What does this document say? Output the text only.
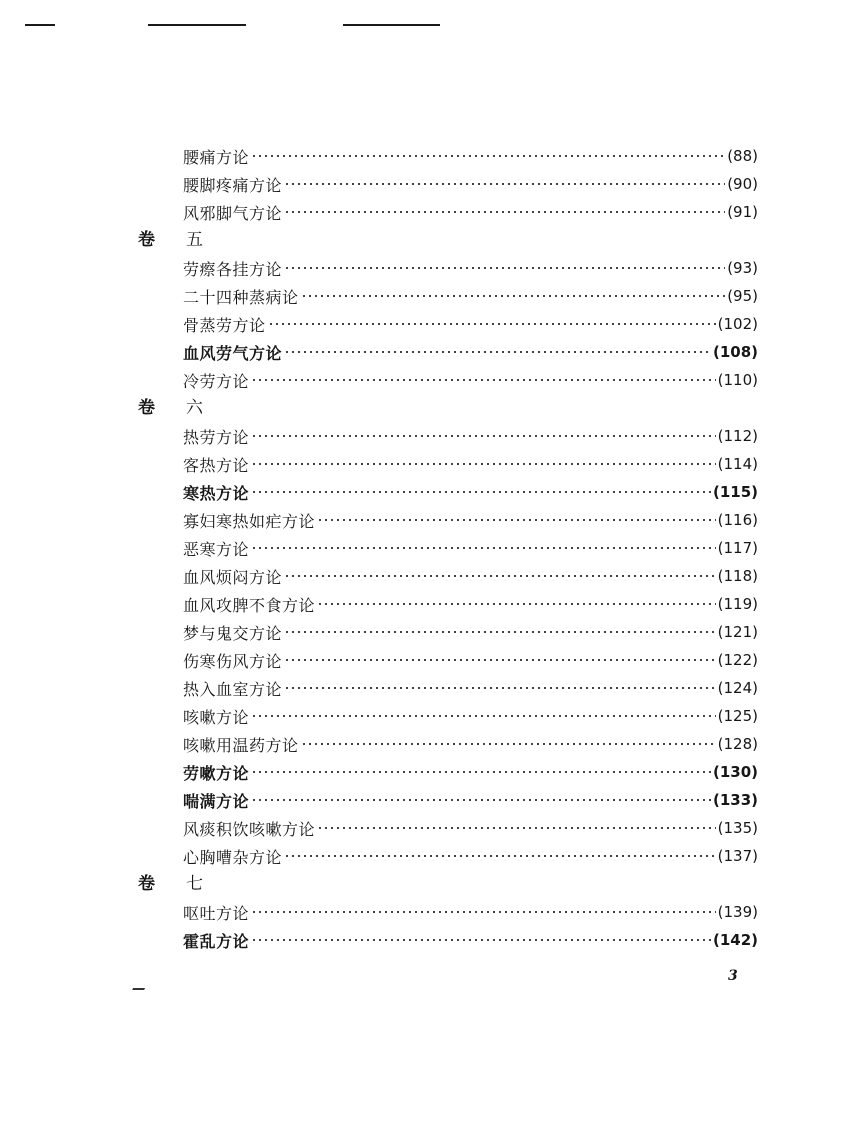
腰痛方论	(88)
腰脚疼痛方论	(90)
风邪脚气方论	(91)
卷 五
劳瘵各挂方论	(93)
二十四种蒸病论	(95)
骨蒸劳方论	(102)
血风劳气方论	(108)
冷劳方论	(110)
卷 六
热劳方论	(112)
客热方论	(114)
寒热方论	(115)
寡妇寒热如疟方论	(116)
恶寒方论	(117)
血风烦闷方论	(118)
血风攻脾不食方论	(119)
梦与鬼交方论	(121)
伤寒伤风方论	(122)
热入血室方论	(124)
咳嗽方论	(125)
咳嗽用温药方论	(128)
劳嗽方论	(130)
喘满方论	(133)
风痰积饮咳嗽方论	(135)
心胸嘈杂方论	(137)
卷 七
呕吐方论	(139)
霍乱方论	(142)
3
